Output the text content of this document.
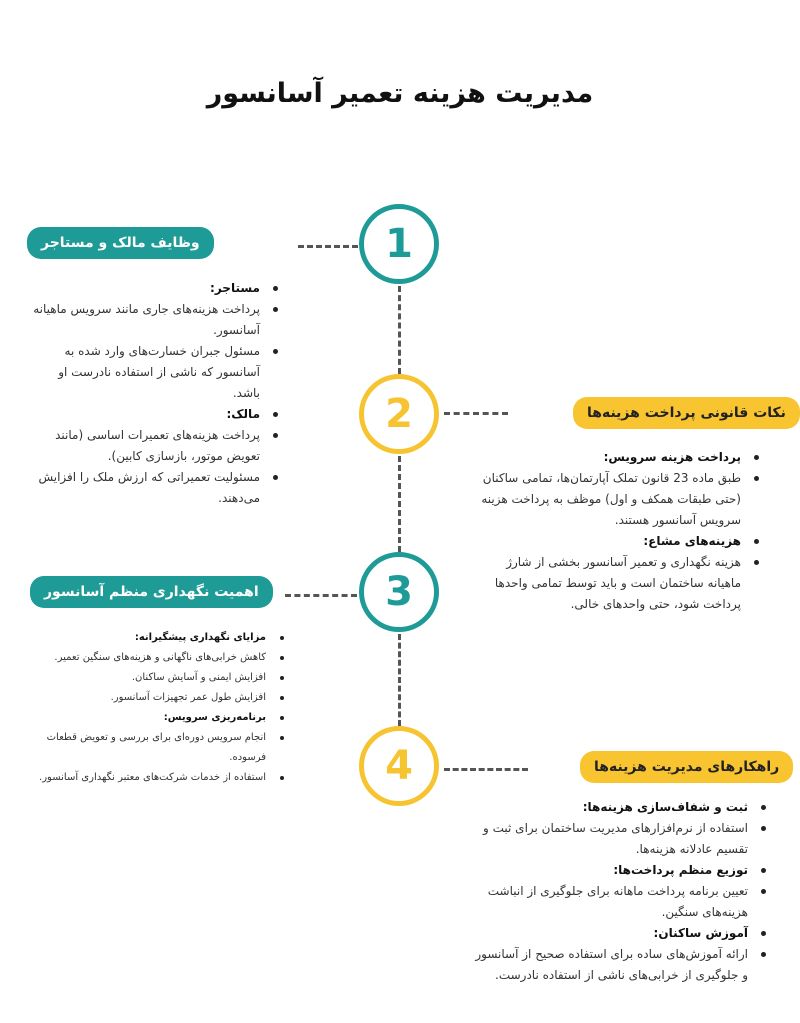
مدیریت هزینه تعمیر آسانسور
1
2
3
4
وظایف مالک و مستاجر
نکات قانونی پرداخت هزینه‌ها
اهمیت نگهداری منظم آسانسور
راهکارهای مدیریت هزینه‌ها
مستاجر:
پرداخت هزینه‌های جاری مانند سرویس ماهیانه آسانسور.
مسئول جبران خسارت‌های وارد شده به آسانسور که ناشی از استفاده نادرست او باشد.
مالک:
پرداخت هزینه‌های تعمیرات اساسی (مانند تعویض موتور، بازسازی کابین).
مسئولیت تعمیراتی که ارزش ملک را افزایش می‌دهند.
پرداخت هزینه سرویس:
طبق ماده 23 قانون تملک آپارتمان‌ها، تمامی ساکنان (حتی طبقات همکف و اول) موظف به پرداخت هزینه سرویس آسانسور هستند.
هزینه‌های مشاع:
هزینه نگهداری و تعمیر آسانسور بخشی از شارژ ماهیانه ساختمان است و باید توسط تمامی واحدها پرداخت شود، حتی واحدهای خالی.
مزایای نگهداری پیشگیرانه:
کاهش خرابی‌های ناگهانی و هزینه‌های سنگین تعمیر.
افزایش ایمنی و آسایش ساکنان.
افزایش طول عمر تجهیزات آسانسور.
برنامه‌ریزی سرویس:
انجام سرویس دوره‌ای برای بررسی و تعویض قطعات فرسوده.
استفاده از خدمات شرکت‌های معتبر نگهداری آسانسور.
ثبت و شفاف‌سازی هزینه‌ها:
استفاده از نرم‌افزارهای مدیریت ساختمان برای ثبت و تقسیم عادلانه هزینه‌ها.
توزیع منظم پرداخت‌ها:
تعیین برنامه پرداخت ماهانه برای جلوگیری از انباشت هزینه‌های سنگین.
آموزش ساکنان:
ارائه آموزش‌های ساده برای استفاده صحیح از آسانسور و جلوگیری از خرابی‌های ناشی از استفاده نادرست.
